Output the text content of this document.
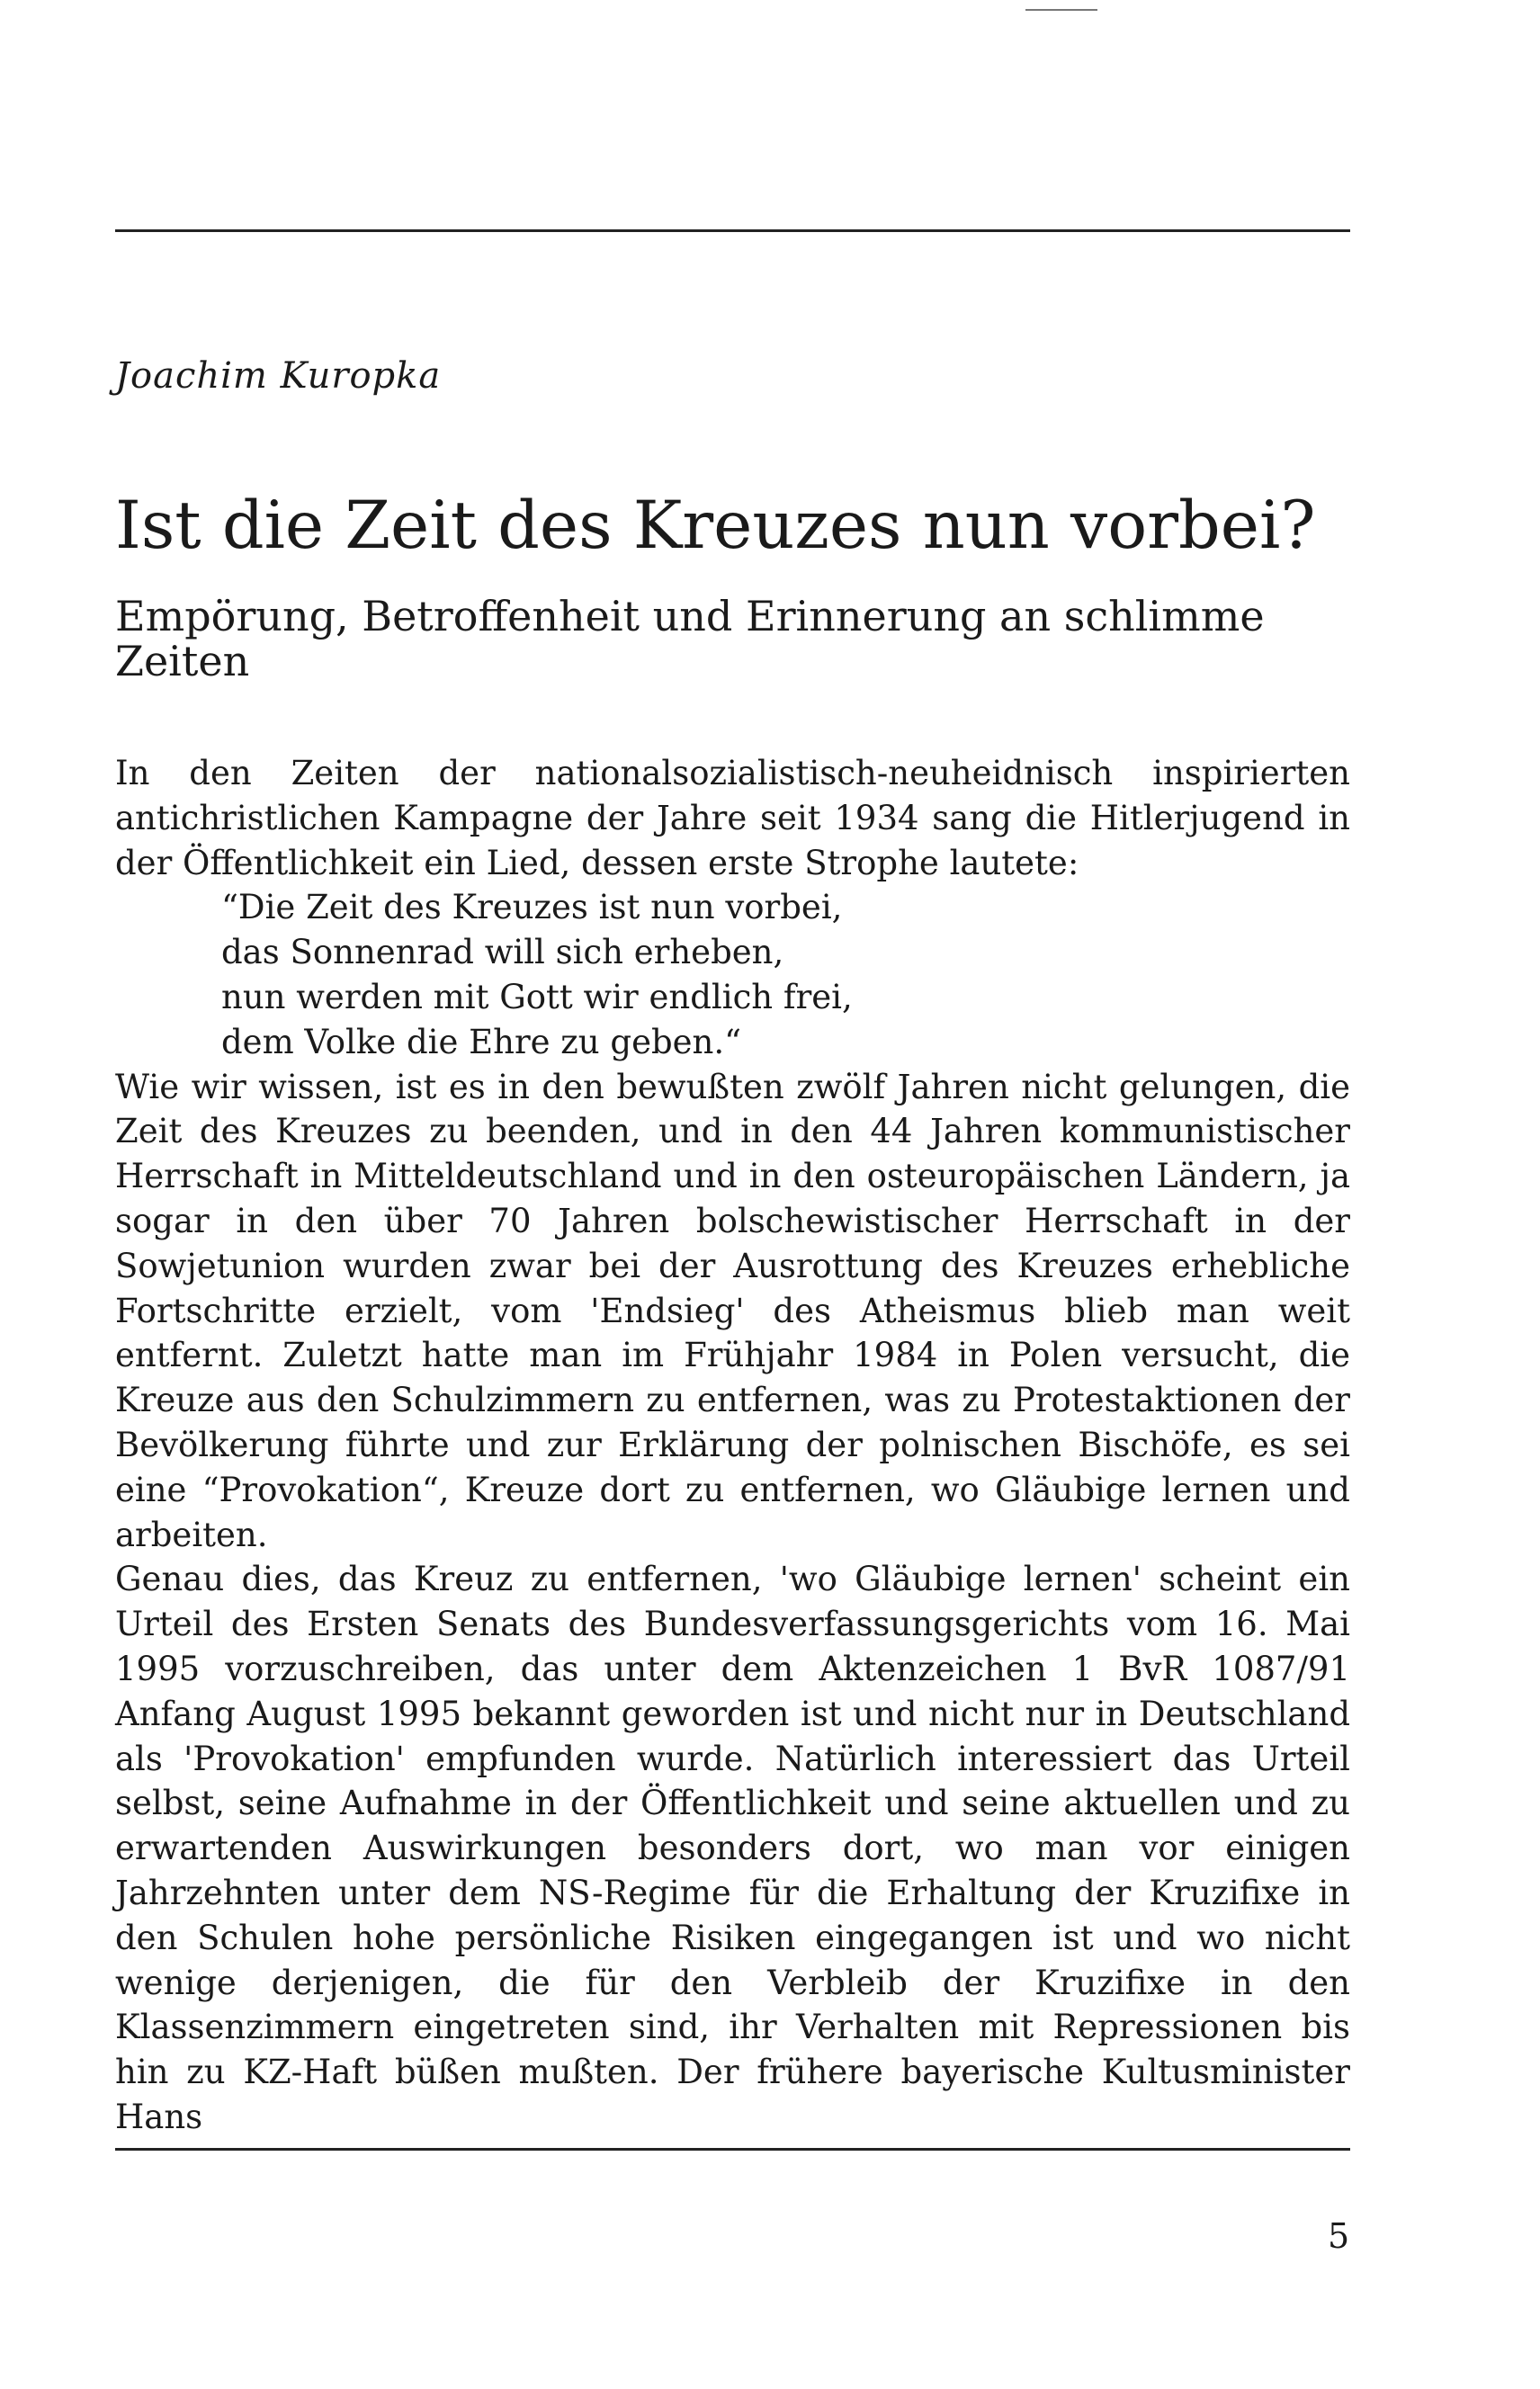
Joachim Kuropka
Ist die Zeit des Kreuzes nun vorbei?
Empörung, Betroffenheit und Erinnerung an schlimme Zeiten

In den Zeiten der nationalsozialistisch-neuheidnisch inspirierten antichristlichen Kampagne der Jahre seit 1934 sang die Hitlerjugend in der Öffentlichkeit ein Lied, dessen erste Strophe lautete:

“Die Zeit des Kreuzes ist nun vorbei,
das Sonnenrad will sich erheben,
nun werden mit Gott wir endlich frei,
dem Volke die Ehre zu geben.“

Wie wir wissen, ist es in den bewußten zwölf Jahren nicht gelungen, die Zeit des Kreuzes zu beenden, und in den 44 Jahren kommunistischer Herrschaft in Mitteldeutschland und in den osteuropäischen Ländern, ja sogar in den über 70 Jahren bolschewistischer Herrschaft in der Sowjetunion wurden zwar bei der Ausrottung des Kreuzes erhebliche Fortschritte erzielt, vom 'Endsieg' des Atheismus blieb man weit entfernt. Zuletzt hatte man im Frühjahr 1984 in Polen versucht, die Kreuze aus den Schulzimmern zu entfernen, was zu Protestaktionen der Bevölkerung führte und zur Erklärung der polnischen Bischöfe, es sei eine “Provokation“, Kreuze dort zu entfernen, wo Gläubige lernen und arbeiten.

Genau dies, das Kreuz zu entfernen, 'wo Gläubige lernen' scheint ein Urteil des Ersten Senats des Bundesverfassungsgerichts vom 16. Mai 1995 vorzuschreiben, das unter dem Aktenzeichen 1 BvR 1087/91 Anfang August 1995 bekannt geworden ist und nicht nur in Deutschland als 'Provokation' empfunden wurde. Natürlich interessiert das Urteil selbst, seine Aufnahme in der Öffentlichkeit und seine aktuellen und zu erwartenden Auswirkungen besonders dort, wo man vor einigen Jahrzehnten unter dem NS-Regime für die Erhaltung der Kruzifixe in den Schulen hohe persönliche Risiken eingegangen ist und wo nicht wenige derjenigen, die für den Verbleib der Kruzifixe in den Klassenzimmern eingetreten sind, ihr Verhalten mit Repressionen bis hin zu KZ-Haft büßen mußten. Der frühere bayerische Kultusminister Hans

5
